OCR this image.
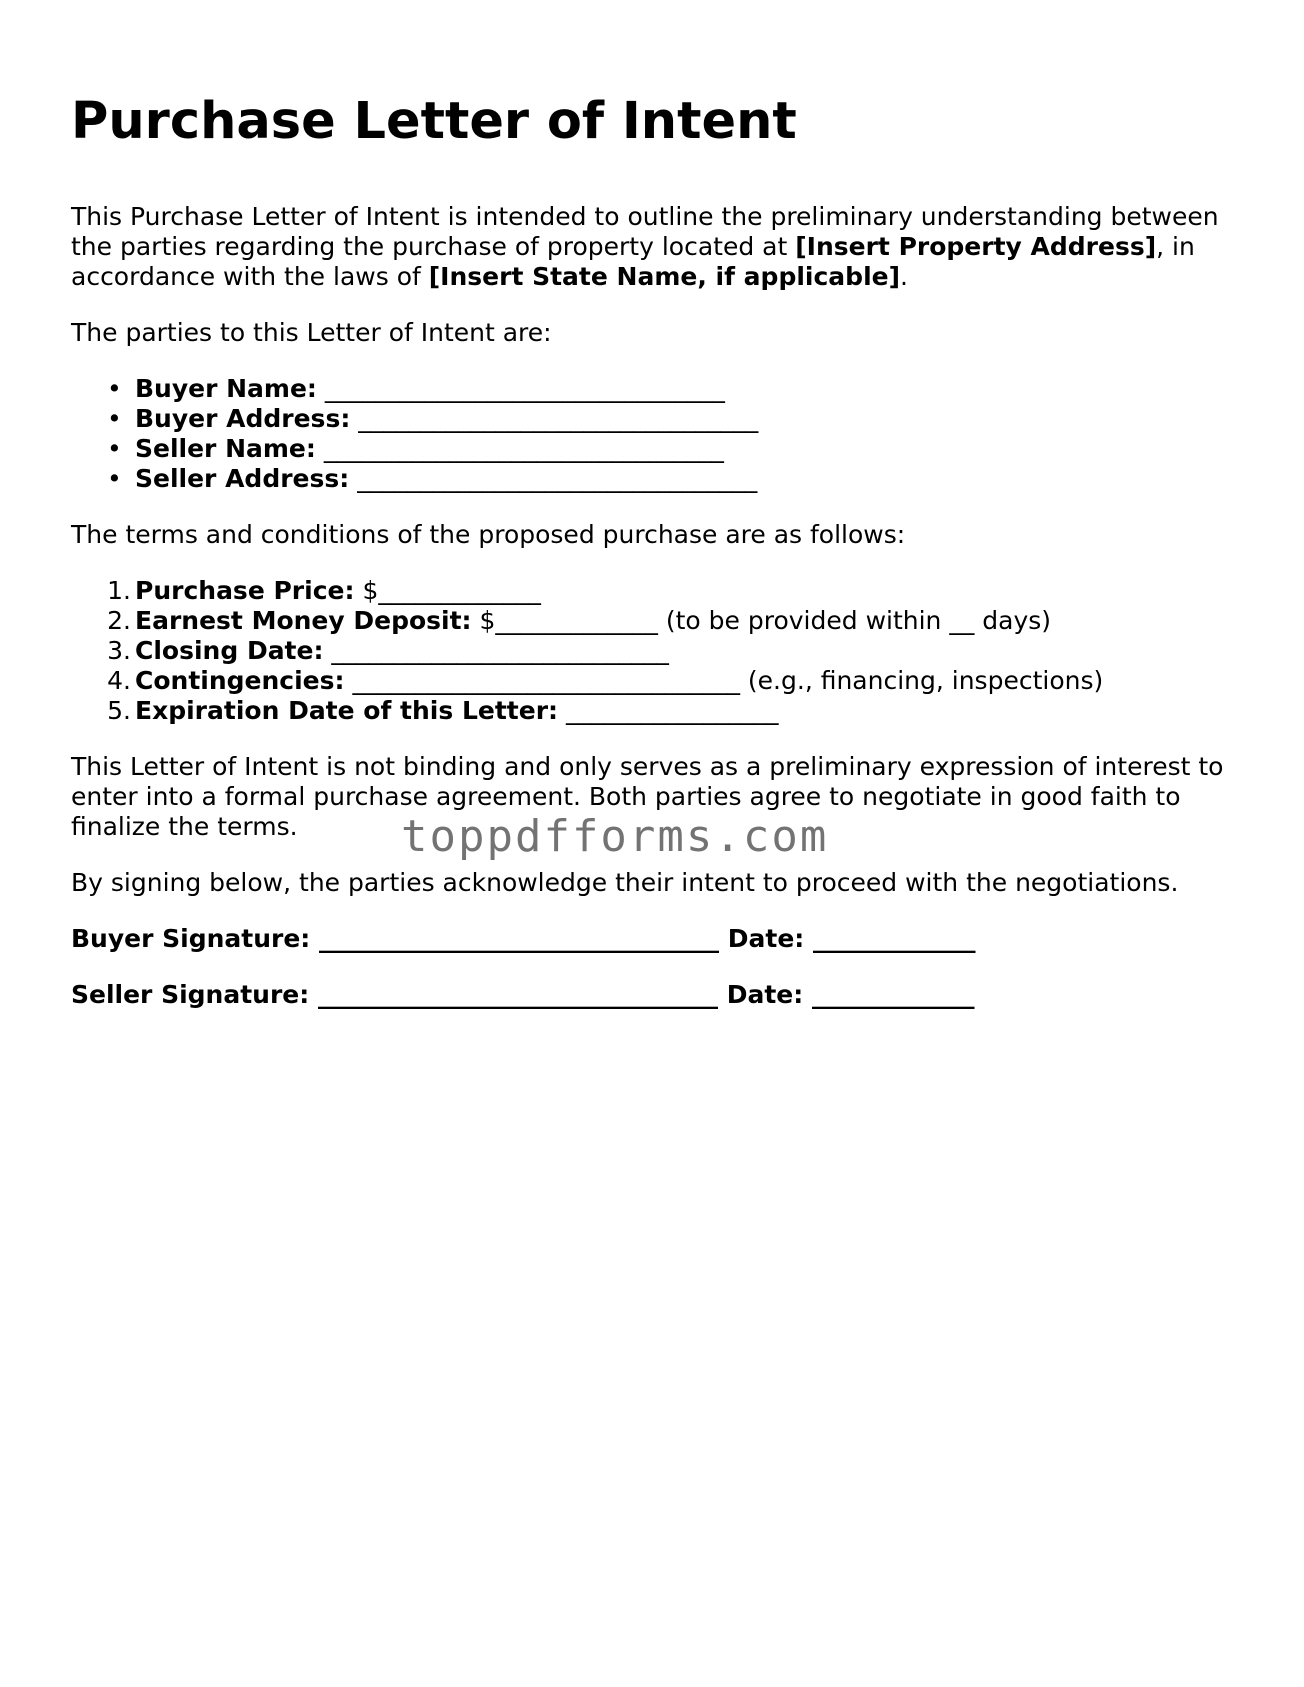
Purchase Letter of Intent

This Purchase Letter of Intent is intended to outline the preliminary understanding between the parties regarding the purchase of property located at [Insert Property Address], in accordance with the laws of [Insert State Name, if applicable].

The parties to this Letter of Intent are:

• Buyer Name: ________________________________
• Buyer Address: ________________________________
• Seller Name: ________________________________
• Seller Address: ________________________________

The terms and conditions of the proposed purchase are as follows:

1. Purchase Price: $_____________
2. Earnest Money Deposit: $_____________ (to be provided within __ days)
3. Closing Date: ___________________________
4. Contingencies: _______________________________ (e.g., financing, inspections)
5. Expiration Date of this Letter: _________________

This Letter of Intent is not binding and only serves as a preliminary expression of interest to enter into a formal purchase agreement. Both parties agree to negotiate in good faith to finalize the terms.

By signing below, the parties acknowledge their intent to proceed with the negotiations.

Buyer Signature: ________________________________ Date: _____________
Seller Signature: ________________________________ Date: _____________
toppdfforms.com
